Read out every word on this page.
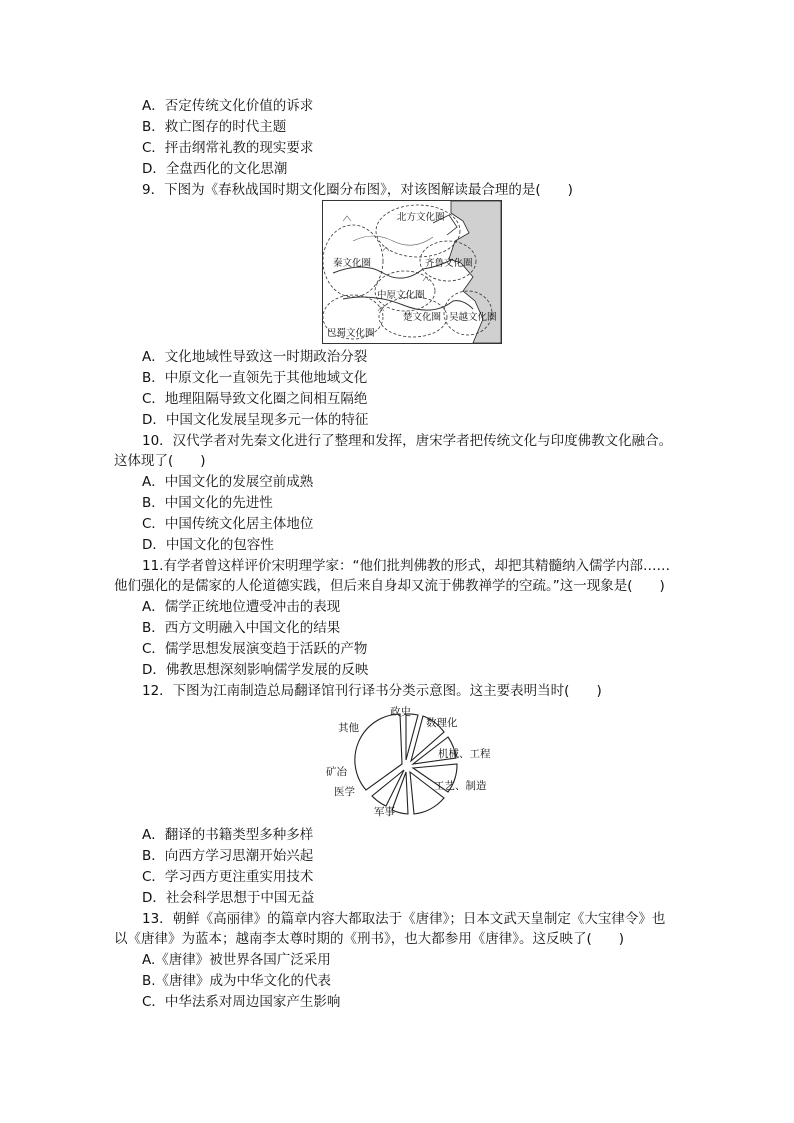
A．否定传统文化价值的诉求
B．救亡图存的时代主题
C．抨击纲常礼教的现实要求
D．全盘西化的文化思潮
9．下图为《春秋战国时期文化圈分布图》，对该图解读最合理的是(　　)
北方文化圈
秦文化圈	齐鲁文化圈
中原文化圈
楚文化圈
巴蜀文化圈
吴越文化圈
A．文化地域性导致这一时期政治分裂
B．中原文化一直领先于其他地域文化
C．地理阻隔导致文化圈之间相互隔绝
D．中国文化发展呈现多元一体的特征
10．汉代学者对先秦文化进行了整理和发挥，唐宋学者把传统文化与印度佛教文化融合。
这体现了(　　)
A．中国文化的发展空前成熟
B．中国文化的先进性
C．中国传统文化居主体地位
D．中国文化的包容性
11.有学者曾这样评价宋明理学家：“他们批判佛教的形式，却把其精髓纳入儒学内部……
他们强化的是儒家的人伦道德实践，但后来自身却又流于佛教禅学的空疏。”这一现象是(　　)
A．儒学正统地位遭受冲击的表现
B．西方文明融入中国文化的结果
C．儒学思想发展演变趋于活跃的产物
D．佛教思想深刻影响儒学发展的反映
12．下图为江南制造总局翻译馆刊行译书分类示意图。这主要表明当时(　　)
政史
数理化
机械、工程
工艺、制造
军事
医学
矿冶
其他
A．翻译的书籍类型多种多样
B．向西方学习思潮开始兴起
C．学习西方更注重实用技术
D．社会科学思想于中国无益
13．朝鲜《高丽律》的篇章内容大都取法于《唐律》；日本文武天皇制定《大宝律令》也
以《唐律》为蓝本；越南李太尊时期的《刑书》，也大都参用《唐律》。这反映了(　　)
A.《唐律》被世界各国广泛采用
B.《唐律》成为中华文化的代表
C．中华法系对周边国家产生影响
